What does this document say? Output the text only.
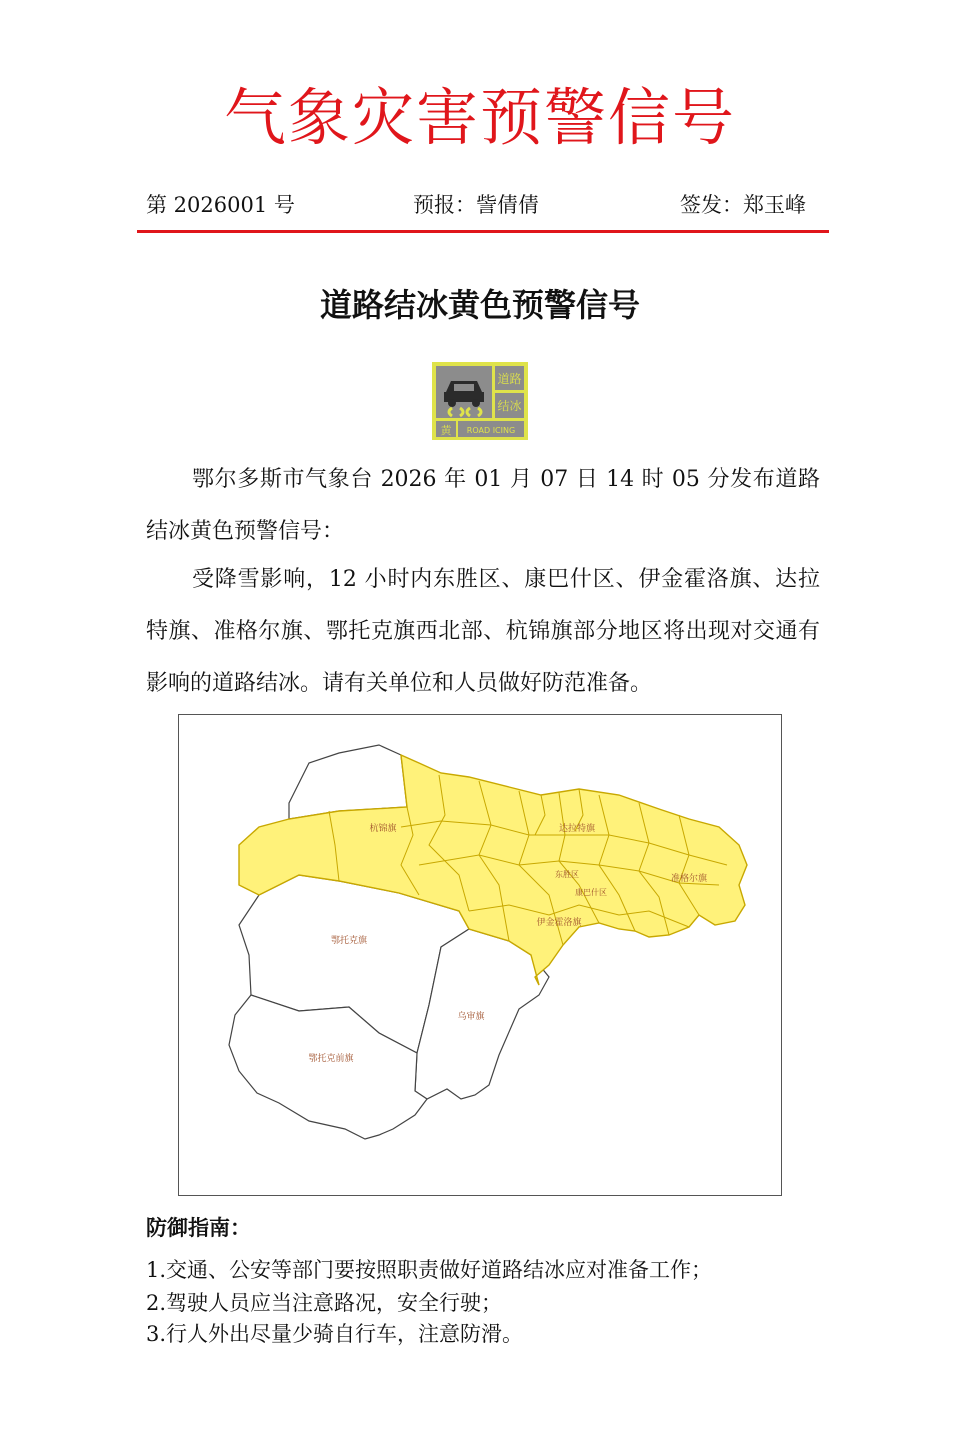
气象灾害预警信号
第 2026001 号	预报：訾倩倩	签发：郑玉峰
道路结冰黄色预警信号
道路
结冰
黄 ROAD ICING

鄂尔多斯市气象台 2026 年 01 月 07 日 14 时 05 分发布道路结冰黄色预警信号：

受降雪影响，12 小时内东胜区、康巴什区、伊金霍洛旗、达拉特旗、准格尔旗、鄂托克旗西北部、杭锦旗部分地区将出现对交通有影响的道路结冰。请有关单位和人员做好防范准备。

杭锦旗	达拉特旗
准格尔旗
东胜区
康巴什区
伊金霍洛旗
鄂托克旗
乌审旗
鄂托克前旗
防御指南：
1.交通、公安等部门要按照职责做好道路结冰应对准备工作；
2.驾驶人员应当注意路况，安全行驶；
3.行人外出尽量少骑自行车，注意防滑。
